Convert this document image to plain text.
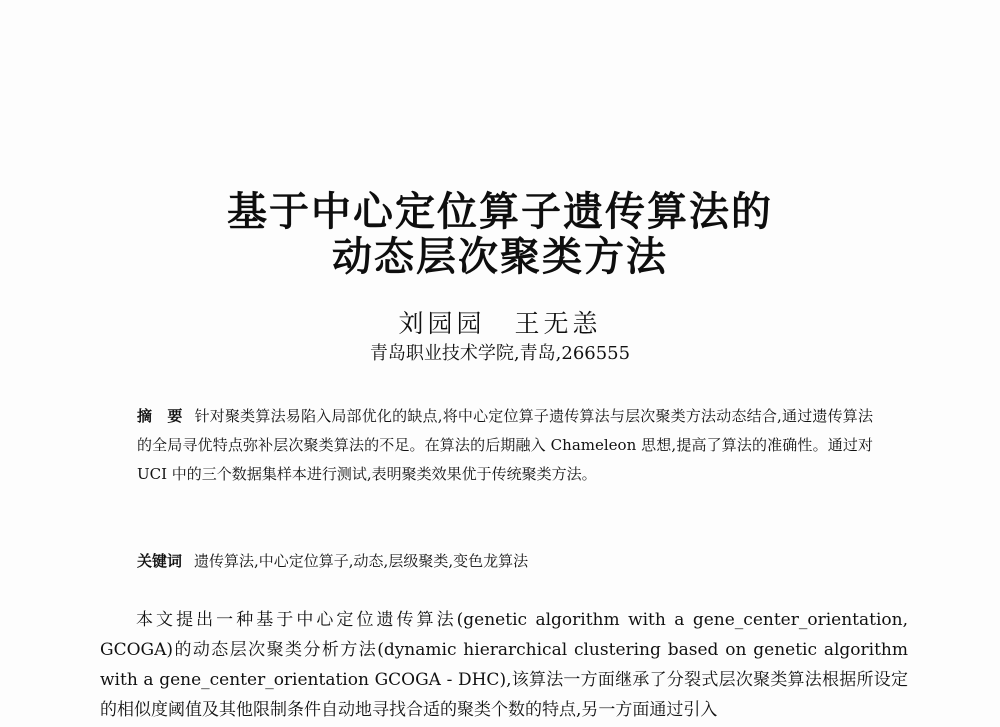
基于中心定位算子遗传算法的
动态层次聚类方法
刘园园　王无恙
青岛职业技术学院,青岛,266555
摘　要 针对聚类算法易陷入局部优化的缺点,将中心定位算子遗传算法与层次聚类方法动态结合,通过遗传算法的全局寻优特点弥补层次聚类算法的不足。在算法的后期融入 Chameleon 思想,提高了算法的准确性。通过对 UCI 中的三个数据集样本进行测试,表明聚类效果优于传统聚类方法。
关键词 遗传算法,中心定位算子,动态,层级聚类,变色龙算法
本文提出一种基于中心定位遗传算法(genetic algorithm with a gene_center_orientation, GCOGA)的动态层次聚类分析方法(dynamic hierarchical clustering based on genetic algorithm with a gene_center_orientation GCOGA - DHC),该算法一方面继承了分裂式层次聚类算法根据所设定的相似度阈值及其他限制条件自动地寻找合适的聚类个数的特点,另一方面通过引入
